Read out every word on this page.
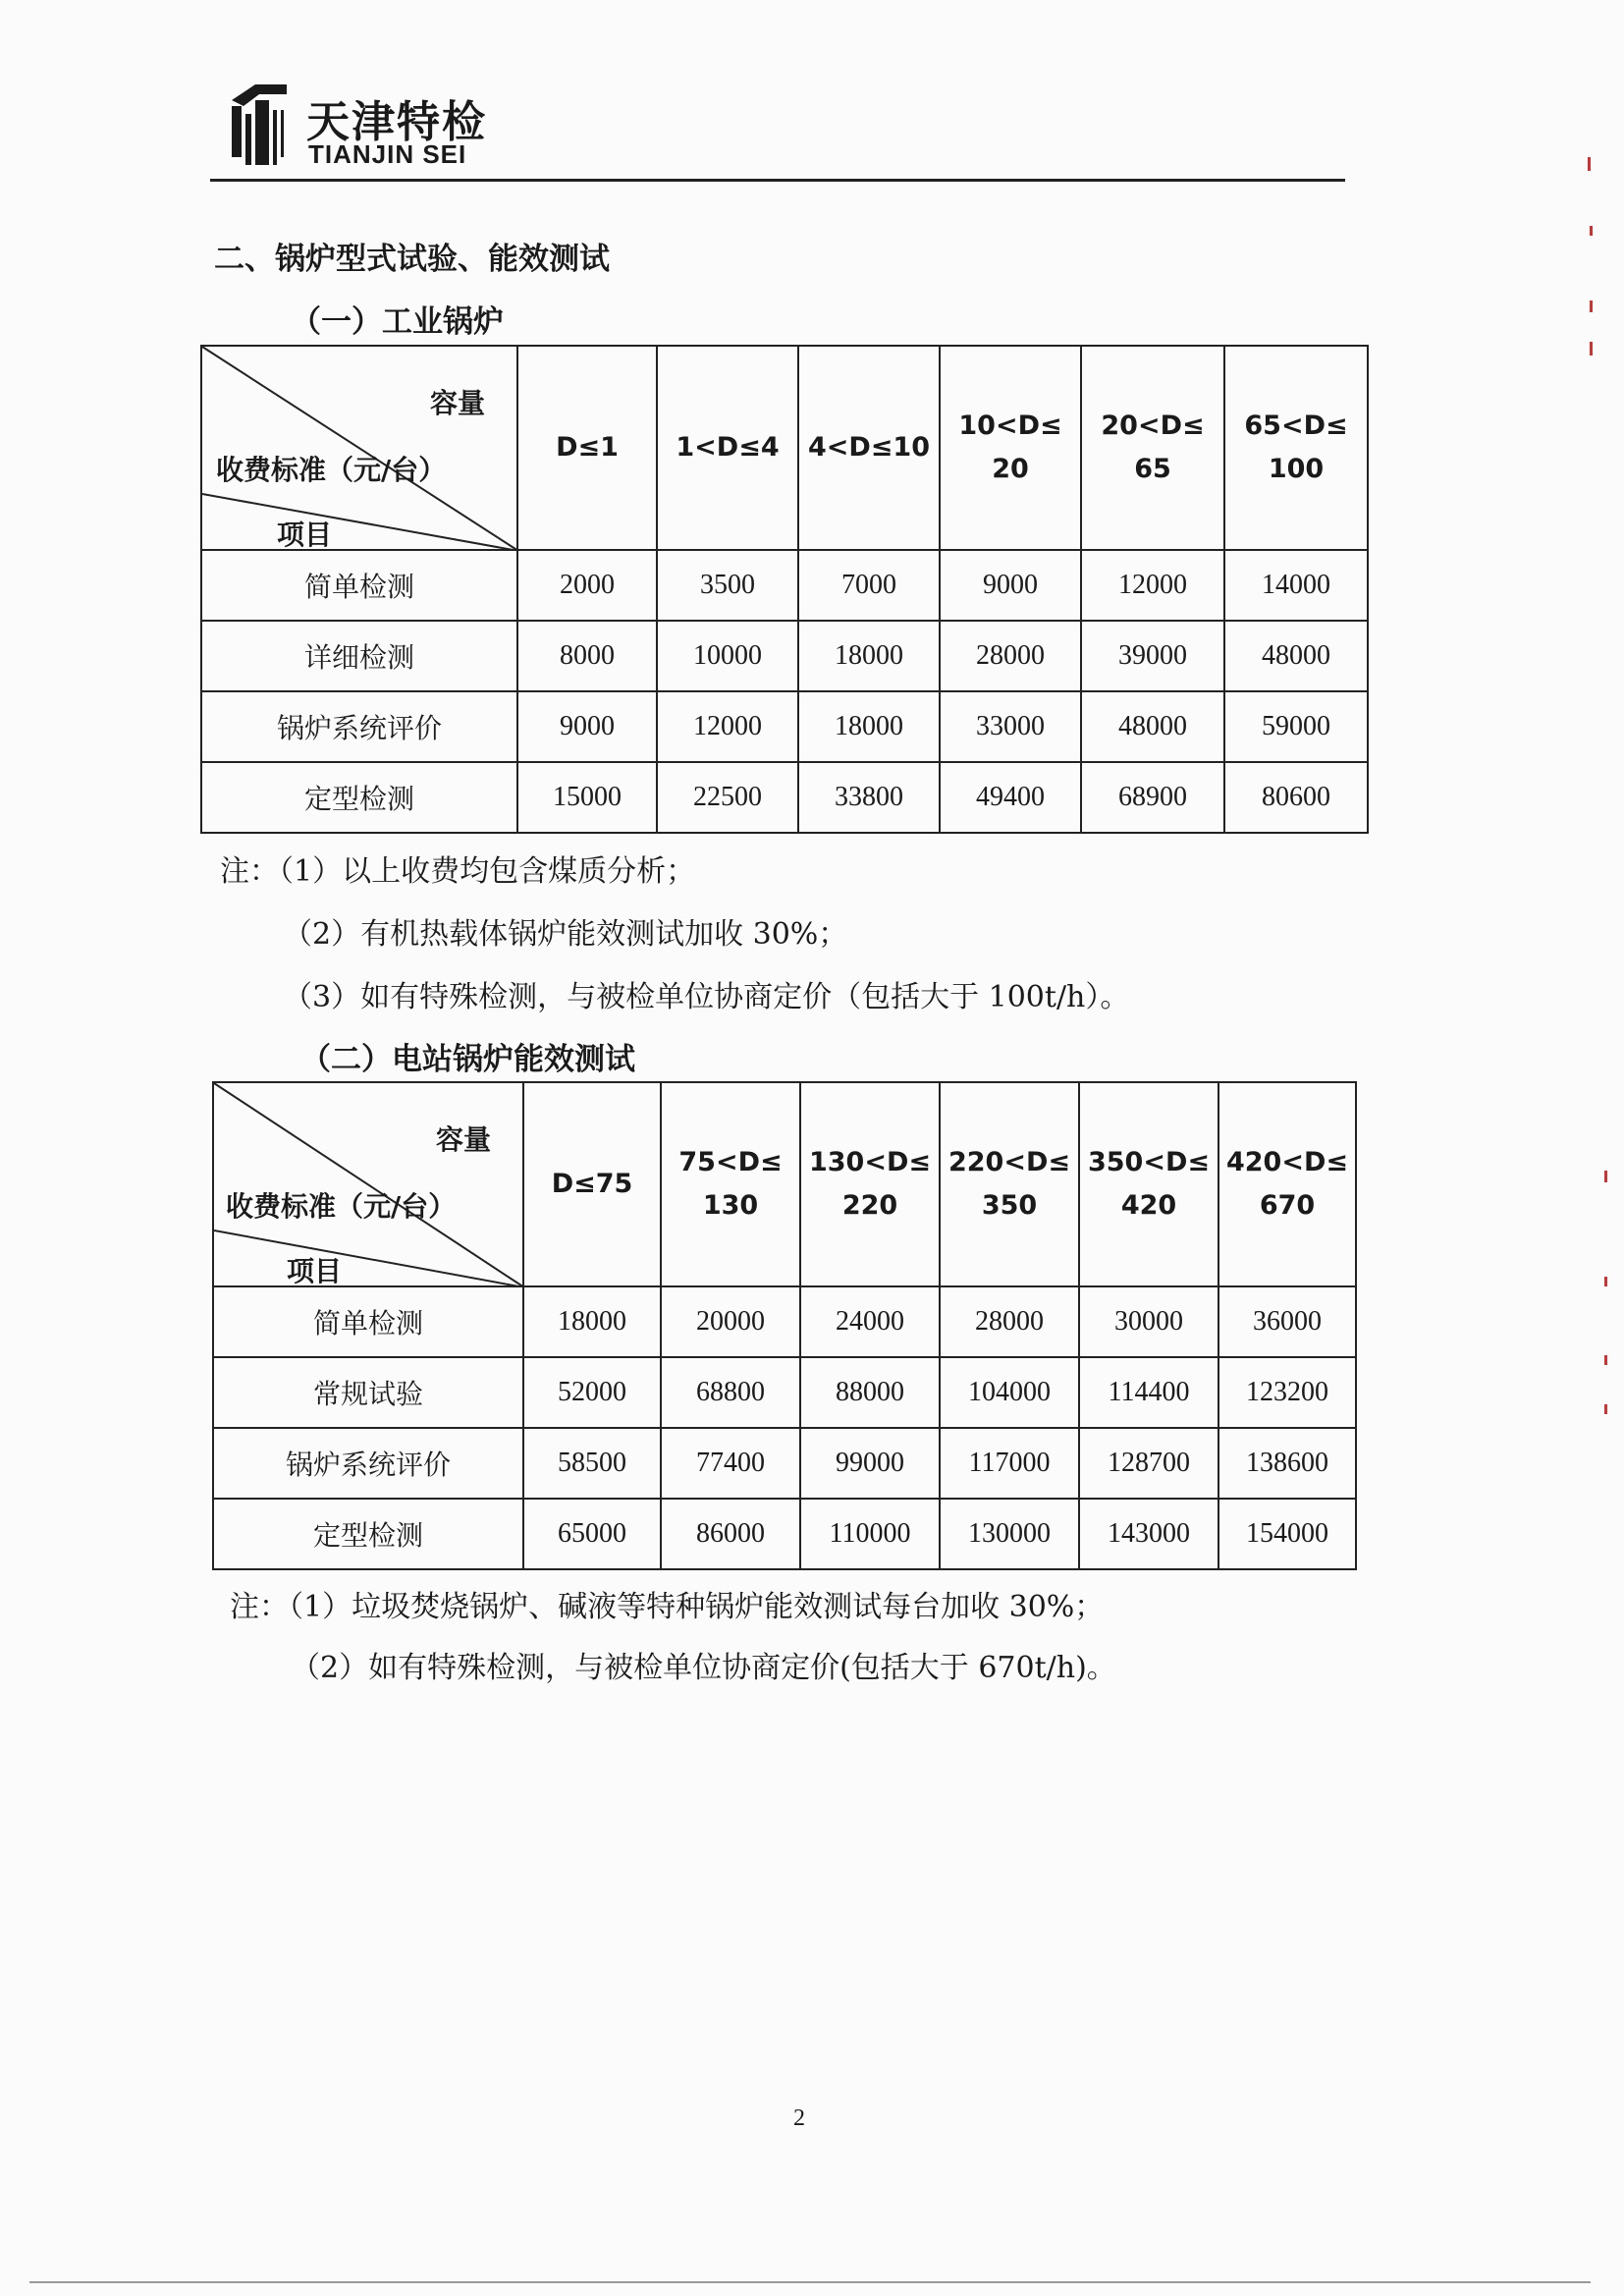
天津特检
TIANJIN SEI
二、锅炉型式试验、能效测试
（一）工业锅炉
容量
收费标准（元/台）
项目	D≤1	1<D≤4	4<D≤10	10<D≤ 20	20<D≤ 65	65<D≤ 100
简单检测	2000	3500	7000	9000	12000	14000
详细检测	8000	10000	18000	28000	39000	48000
锅炉系统评价	9000	12000	18000	33000	48000	59000
定型检测	15000	22500	33800	49400	68900	80600
注：（1）以上收费均包含煤质分析；
（2）有机热载体锅炉能效测试加收 30%；
（3）如有特殊检测，与被检单位协商定价（包括大于 100t/h）。
（二）电站锅炉能效测试
容量
收费标准（元/台）
项目	D≤75	75<D≤ 130	130<D≤ 220	220<D≤ 350	350<D≤ 420	420<D≤ 670
简单检测	18000	20000	24000	28000	30000	36000
常规试验	52000	68800	88000	104000	114400	123200
锅炉系统评价	58500	77400	99000	117000	128700	138600
定型检测	65000	86000	110000	130000	143000	154000
注：（1）垃圾焚烧锅炉、碱液等特种锅炉能效测试每台加收 30%；
（2）如有特殊检测，与被检单位协商定价(包括大于 670t/h)。
2
